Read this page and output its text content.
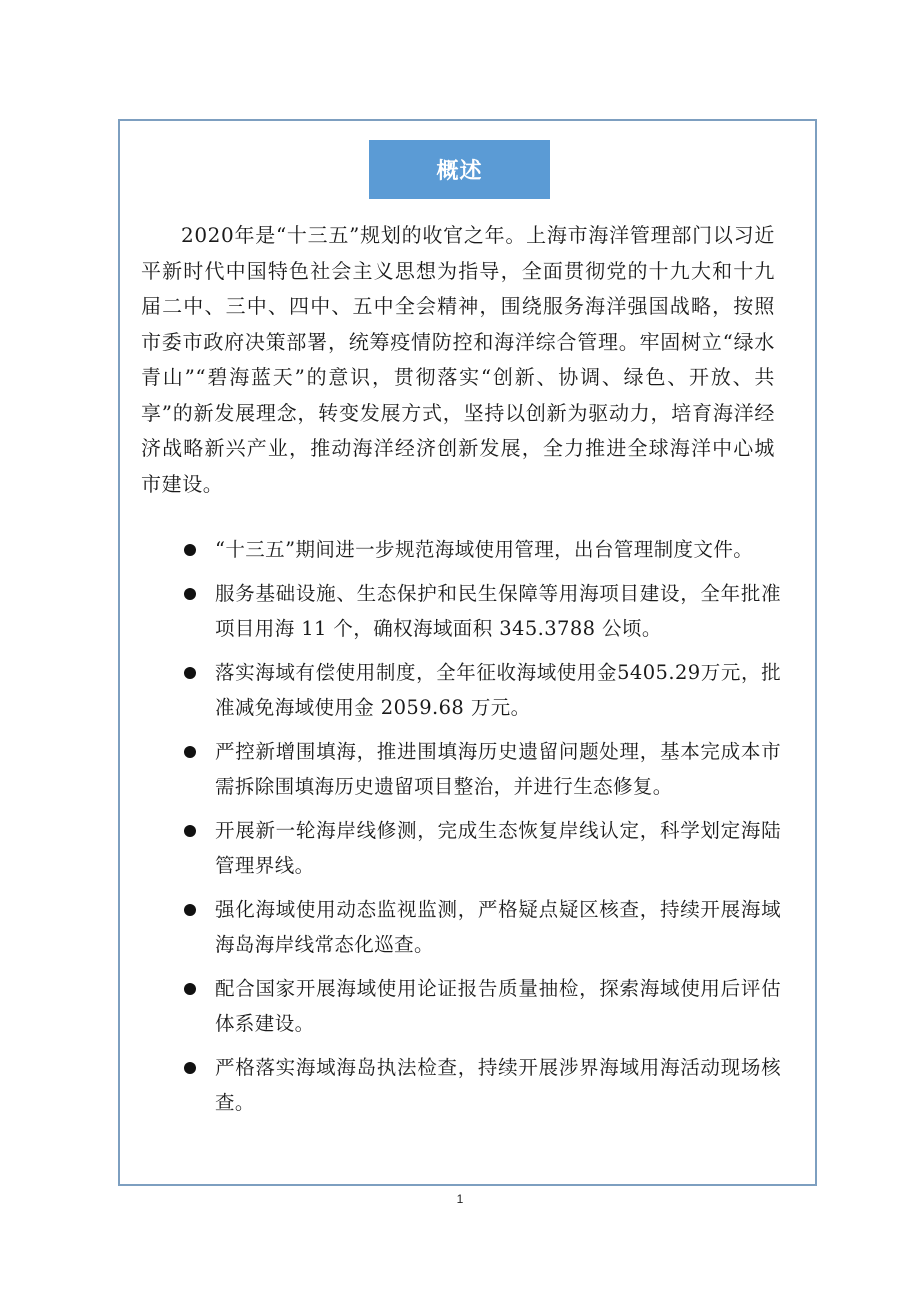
概述

2020年是“十三五”规划的收官之年。上海市海洋管理部门以习近平新时代中国特色社会主义思想为指导，全面贯彻党的十九大和十九届二中、三中、四中、五中全会精神，围绕服务海洋强国战略，按照市委市政府决策部署，统筹疫情防控和海洋综合管理。牢固树立“绿水青山”“碧海蓝天”的意识，贯彻落实“创新、协调、绿色、开放、共享”的新发展理念，转变发展方式，坚持以创新为驱动力，培育海洋经济战略新兴产业，推动海洋经济创新发展，全力推进全球海洋中心城市建设。

“十三五”期间进一步规范海域使用管理，出台管理制度文件。
服务基础设施、生态保护和民生保障等用海项目建设，全年批准项目用海 11 个，确权海域面积 345.3788 公顷。
落实海域有偿使用制度，全年征收海域使用金5405.29万元，批准减免海域使用金 2059.68 万元。
严控新增围填海，推进围填海历史遗留问题处理，基本完成本市需拆除围填海历史遗留项目整治，并进行生态修复。
开展新一轮海岸线修测，完成生态恢复岸线认定，科学划定海陆管理界线。
强化海域使用动态监视监测，严格疑点疑区核查，持续开展海域海岛海岸线常态化巡查。
配合国家开展海域使用论证报告质量抽检，探索海域使用后评估体系建设。
严格落实海域海岛执法检查，持续开展涉界海域用海活动现场核查。
1
